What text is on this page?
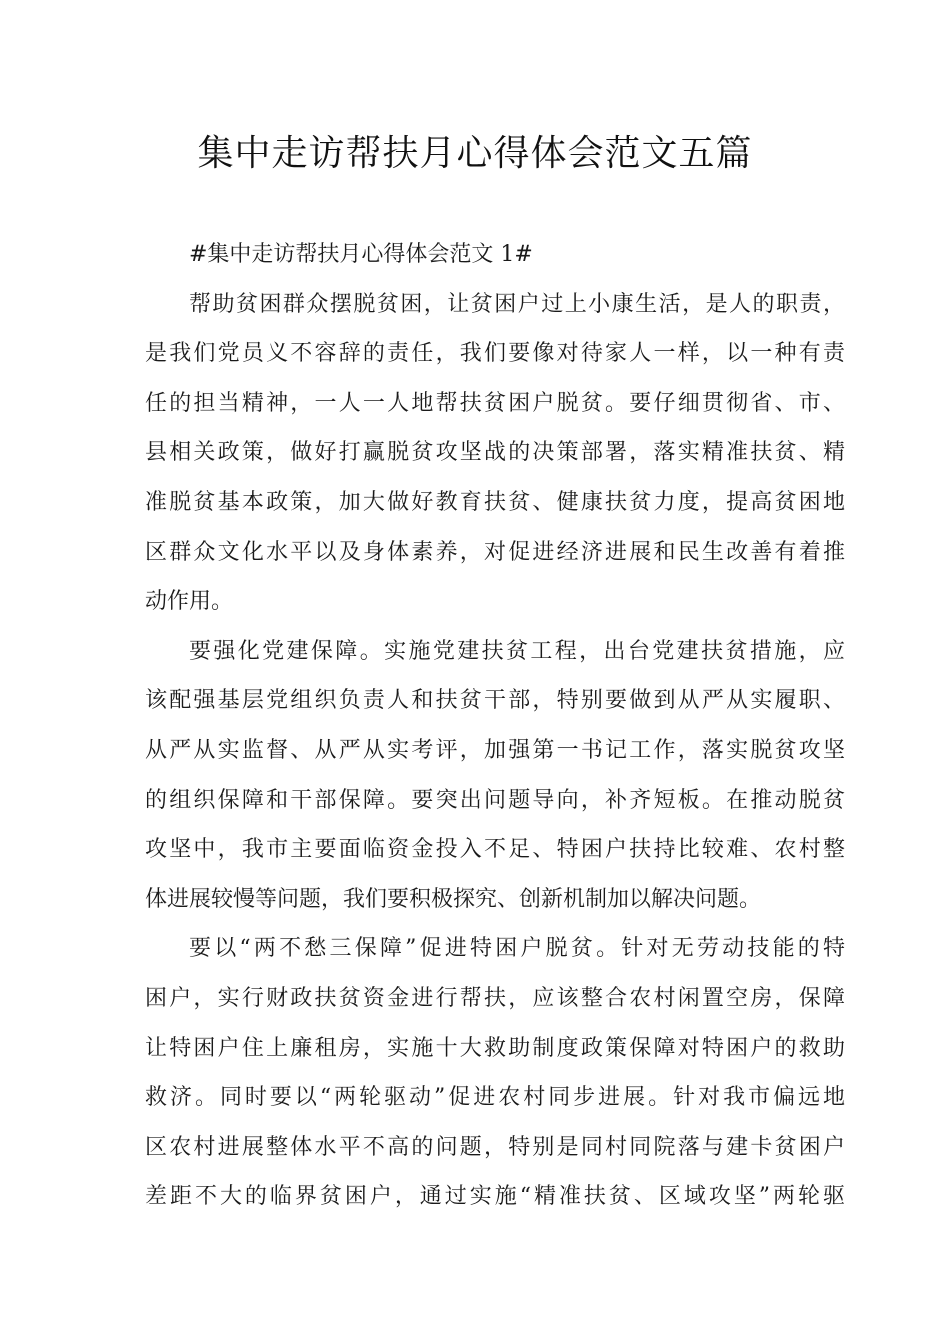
集中走访帮扶月心得体会范文五篇
#集中走访帮扶月心得体会范文 1#
帮助贫困群众摆脱贫困，让贫困户过上小康生活，是人的职责，
是我们党员义不容辞的责任，我们要像对待家人一样，以一种有责
任的担当精神，一人一人地帮扶贫困户脱贫。要仔细贯彻省、市、
县相关政策，做好打赢脱贫攻坚战的决策部署，落实精准扶贫、精
准脱贫基本政策，加大做好教育扶贫、健康扶贫力度，提高贫困地
区群众文化水平以及身体素养，对促进经济进展和民生改善有着推
动作用。
要强化党建保障。实施党建扶贫工程，出台党建扶贫措施，应
该配强基层党组织负责人和扶贫干部，特别要做到从严从实履职、
从严从实监督、从严从实考评，加强第一书记工作，落实脱贫攻坚
的组织保障和干部保障。要突出问题导向，补齐短板。在推动脱贫
攻坚中，我市主要面临资金投入不足、特困户扶持比较难、农村整
体进展较慢等问题，我们要积极探究、创新机制加以解决问题。
要以“两不愁三保障”促进特困户脱贫。针对无劳动技能的特
困户，实行财政扶贫资金进行帮扶，应该整合农村闲置空房，保障
让特困户住上廉租房，实施十大救助制度政策保障对特困户的救助
救济。同时要以“两轮驱动”促进农村同步进展。针对我市偏远地
区农村进展整体水平不高的问题，特别是同村同院落与建卡贫困户
差距不大的临界贫困户，通过实施“精准扶贫、区域攻坚”两轮驱
